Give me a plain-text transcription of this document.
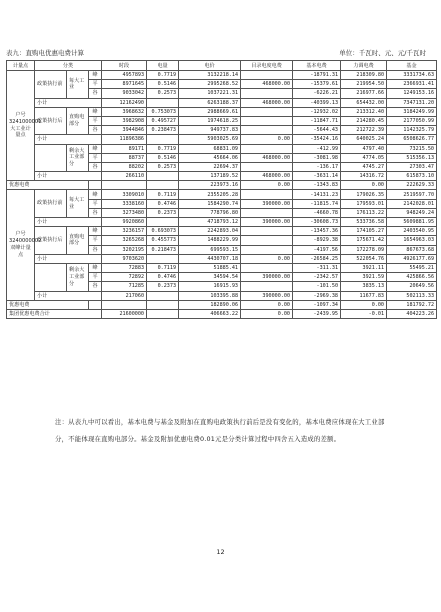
表九：直购电优惠电费计算	单位：千瓦时、元、元/千瓦时
计量点	分类			时段	电量	电价	目录电度电费	基本电费	力调电费	基金	
户号3241000001大工业计量点	政策执行前	每大工业	峰	4957893	0.7719	3132218.14		-18791.31	218309.80	3331734.63	
			平	8971645	0.5146	2995268.52	468000.00	-15379.61	219954.50	2366931.41	
			谷	9033042	0.2573	1037221.31		-6226.21	216977.66	1249153.16	
	小计			12162490		6263188.37	468000.00	-40399.13	654432.00	7347131.20	
	政策执行后	直购电部分	峰	3968632	0.753073	2988669.61		-12932.02	213312.40	3184249.99	
			平	3982908	0.495727	1974618.25		-11847.71	214280.45	2177050.99	
			谷	3944846	0.238473	949737.83		-5644.43	212722.39	1142325.79	
	小计			11896386		5903025.69	0.00	-35424.16	640025.24	6508626.77	
		剩余大工业部分	峰	89171	0.7719	68831.09		-412.99	4797.40	73215.50	
			平	88737	0.5146	45664.06	468000.00	-3081.98	4774.05	515356.13	
			谷	88202	0.2573	22694.37		-136.17	4745.27	27303.47	
	小计			266110		137189.52	468000.00	-3631.14	14316.72	615873.10	
优惠电费						223973.16	0.00	-1343.83	0.00	222629.33	
户号3240000002双峰计量点	政策执行前	每大工业	峰	3309010	0.7119	2355205.28		-14131.23	179026.35	2519597.70	
			平	3338160	0.4746	1584290.74	390000.00	-11815.74	179593.01	2142028.01	
			谷	3273480	0.2373	778796.80		-4660.78	176113.22	948249.24	
	小计			9920860		4718793.12	390000.00	-30608.73	533736.58	5609881.95	
	政策执行后	直购电部分	峰	3236157	0.693073	2242893.04		-13457.36	174105.27	2403540.95	
			平	3265268	0.455773	1488229.99		-8929.38	175671.42	1654963.03	
			谷	3202195	0.218473	699593.15		-4197.56	172278.09	867673.68	
	小计			9703620		4430707.18	0.00	-26584.25	522054.76	4926177.69	
		剩余大工业部分	峰	72883	0.7119	51885.41		-311.31	3921.11	55495.21	
			平	72892	0.4746	34594.54	390000.00	-2342.57	3921.59	425866.56	
			谷	71285	0.2373	16915.93		-101.50	3835.13	20649.56	
	小计			217060		103395.88	390000.00	-2969.38	11677.83	502113.33	
优惠电费						182890.06	0.00	-1097.34	0.00	181792.72	
集团优惠电费合计				21600000		406663.22	0.00	-2439.95	-0.01	404223.26	
注：从表九中可以看出，基本电费与基金及附加在直购电政策执行前后是没有变化的，基本电费应体现在大工业部分，不能体现在直购电部分。基金及附加优惠电费0.01元是分类计算过程中四舍五入造成的差额。
12
